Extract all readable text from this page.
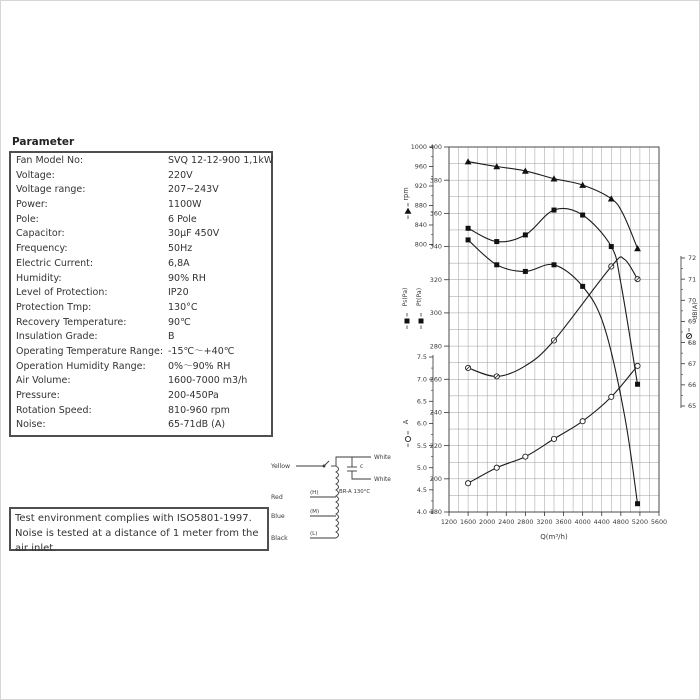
Parameter
Fan Model No:	SVQ 12-12-900 1,1kW
Voltage:	220V
Voltage range:	207~243V
Power:	1100W
Pole:	6 Pole
Capacitor:	30μF 450V
Frequency:	50Hz
Electric Current:	6,8A
Humidity:	90% RH
Level of Protection:	IP20
Protection Tmp:	130°C
Recovery Temperature:	90℃
Insulation Grade:	B
Operating Temperature Range: -15℃～+40℃
Operation Humidity Range: 0%～90% RH
Air Volume:	1600-7000 m3/h
Pressure:	200-450Pa
Rotation Speed:	810-960 rpm
Noise:	65-71dB (A)
Test environment complies with ISO5801-1997. Noise is tested at a distance of 1 meter from the air inlet.
Yellow
Red
(H)
Blue
(M)
Black
(L)
White
White
c
BR-A 130°C
400
380
360
340
320
300
280
260
240
220
200
180
1000
960
920
880
840
800
rpm
Ps(Pa) Pt(Pa)
7.5
7.0
6.5
6.0
5.5
5.0
4.5
4.0
A
72
71
70
69
68
67
66
65
dB(A)
1200 1600 2000 2400 2800 3200 3600 4000 4400 4800 5200 5600
Q(m³/h)
